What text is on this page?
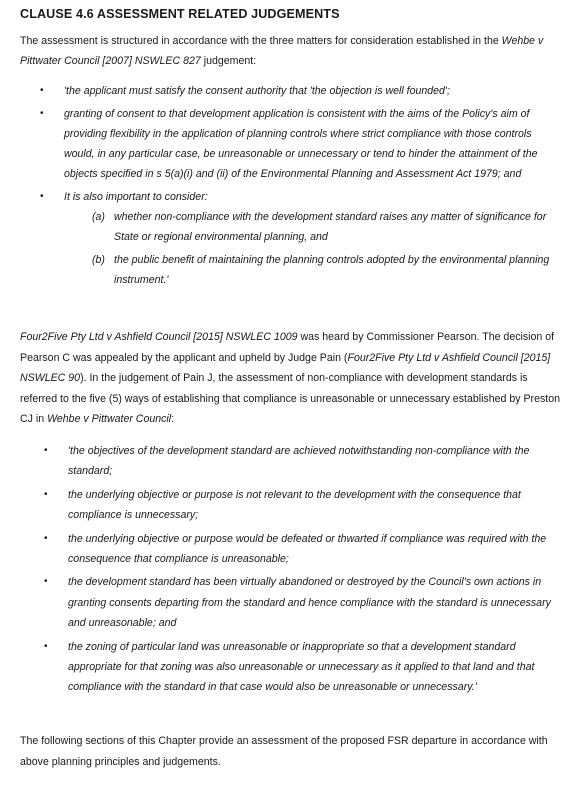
CLAUSE 4.6 ASSESSMENT RELATED JUDGEMENTS

The assessment is structured in accordance with the three matters for consideration established in the Wehbe v Pittwater Council [2007] NSWLEC 827 judgement:

• 'the applicant must satisfy the consent authority that 'the objection is well founded';
• granting of consent to that development application is consistent with the aims of the Policy's aim of providing flexibility in the application of planning controls where strict compliance with those controls would, in any particular case, be unreasonable or unnecessary or tend to hinder the attainment of the objects specified in s 5(a)(i) and (ii) of the Environmental Planning and Assessment Act 1979; and
• It is also important to consider:
(a) whether non-compliance with the development standard raises any matter of significance for State or regional environmental planning, and
(b) the public benefit of maintaining the planning controls adopted by the environmental planning instrument.'

Four2Five Pty Ltd v Ashfield Council [2015] NSWLEC 1009 was heard by Commissioner Pearson. The decision of Pearson C was appealed by the applicant and upheld by Judge Pain (Four2Five Pty Ltd v Ashfield Council [2015] NSWLEC 90). In the judgement of Pain J, the assessment of non-compliance with development standards is referred to the five (5) ways of establishing that compliance is unreasonable or unnecessary established by Preston CJ in Wehbe v Pittwater Council:

• 'the objectives of the development standard are achieved notwithstanding non-compliance with the standard;
• the underlying objective or purpose is not relevant to the development with the consequence that compliance is unnecessary;
• the underlying objective or purpose would be defeated or thwarted if compliance was required with the consequence that compliance is unreasonable;
• the development standard has been virtually abandoned or destroyed by the Council's own actions in granting consents departing from the standard and hence compliance with the standard is unnecessary and unreasonable; and
• the zoning of particular land was unreasonable or inappropriate so that a development standard appropriate for that zoning was also unreasonable or unnecessary as it applied to that land and that compliance with the standard in that case would also be unreasonable or unnecessary.'

The following sections of this Chapter provide an assessment of the proposed FSR departure in accordance with above planning principles and judgements.
